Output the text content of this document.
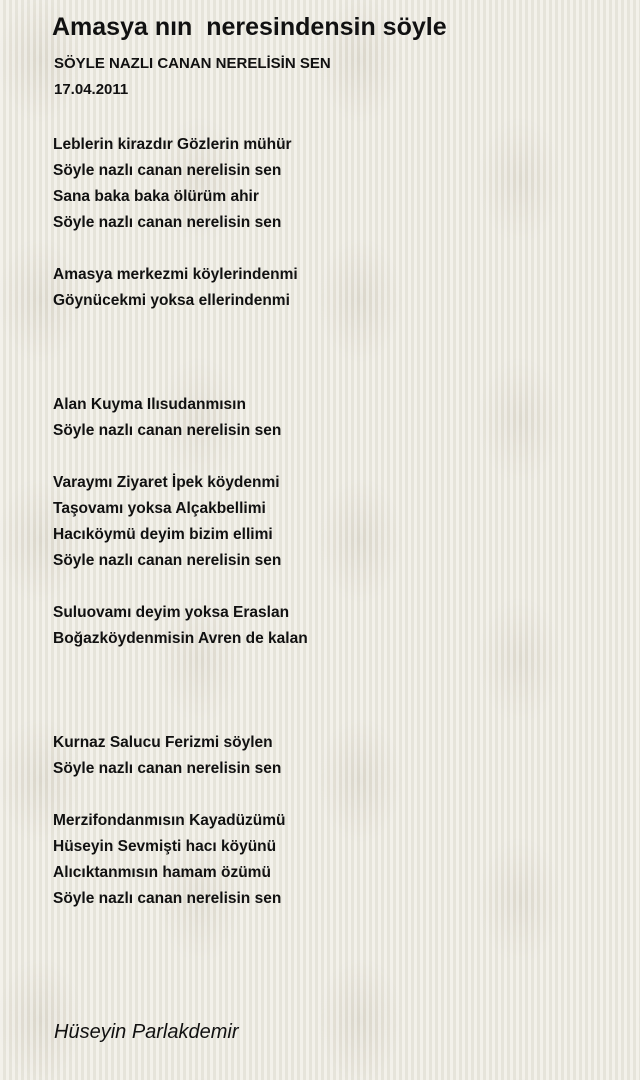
Amasya nın  neresindensin söyle
SÖYLE NAZLI CANAN NERELİSİN SEN
17.04.2011
Leblerin kirazdır Gözlerin mühür
Söyle nazlı canan nerelisin sen
Sana baka baka ölürüm ahir
Söyle nazlı canan nerelisin sen
Amasya merkezmi köylerindenmi
Göynücekmi yoksa ellerindenmi
Alan Kuyma Ilısudanmısın
Söyle nazlı canan nerelisin sen
Varaymı Ziyaret İpek köydenmi
Taşovamı yoksa Alçakbellimi
Hacıköymü deyim bizim ellimi
Söyle nazlı canan nerelisin sen
Suluovamı deyim yoksa Eraslan
Boğazköydenmisin Avren de kalan
Kurnaz Salucu Ferizmi söylen
Söyle nazlı canan nerelisin sen
Merzifondanmısın Kayadüzümü
Hüseyin Sevmişti hacı köyünü
Alıcıktanmısın hamam özümü
Söyle nazlı canan nerelisin sen
Hüseyin Parlakdemir
